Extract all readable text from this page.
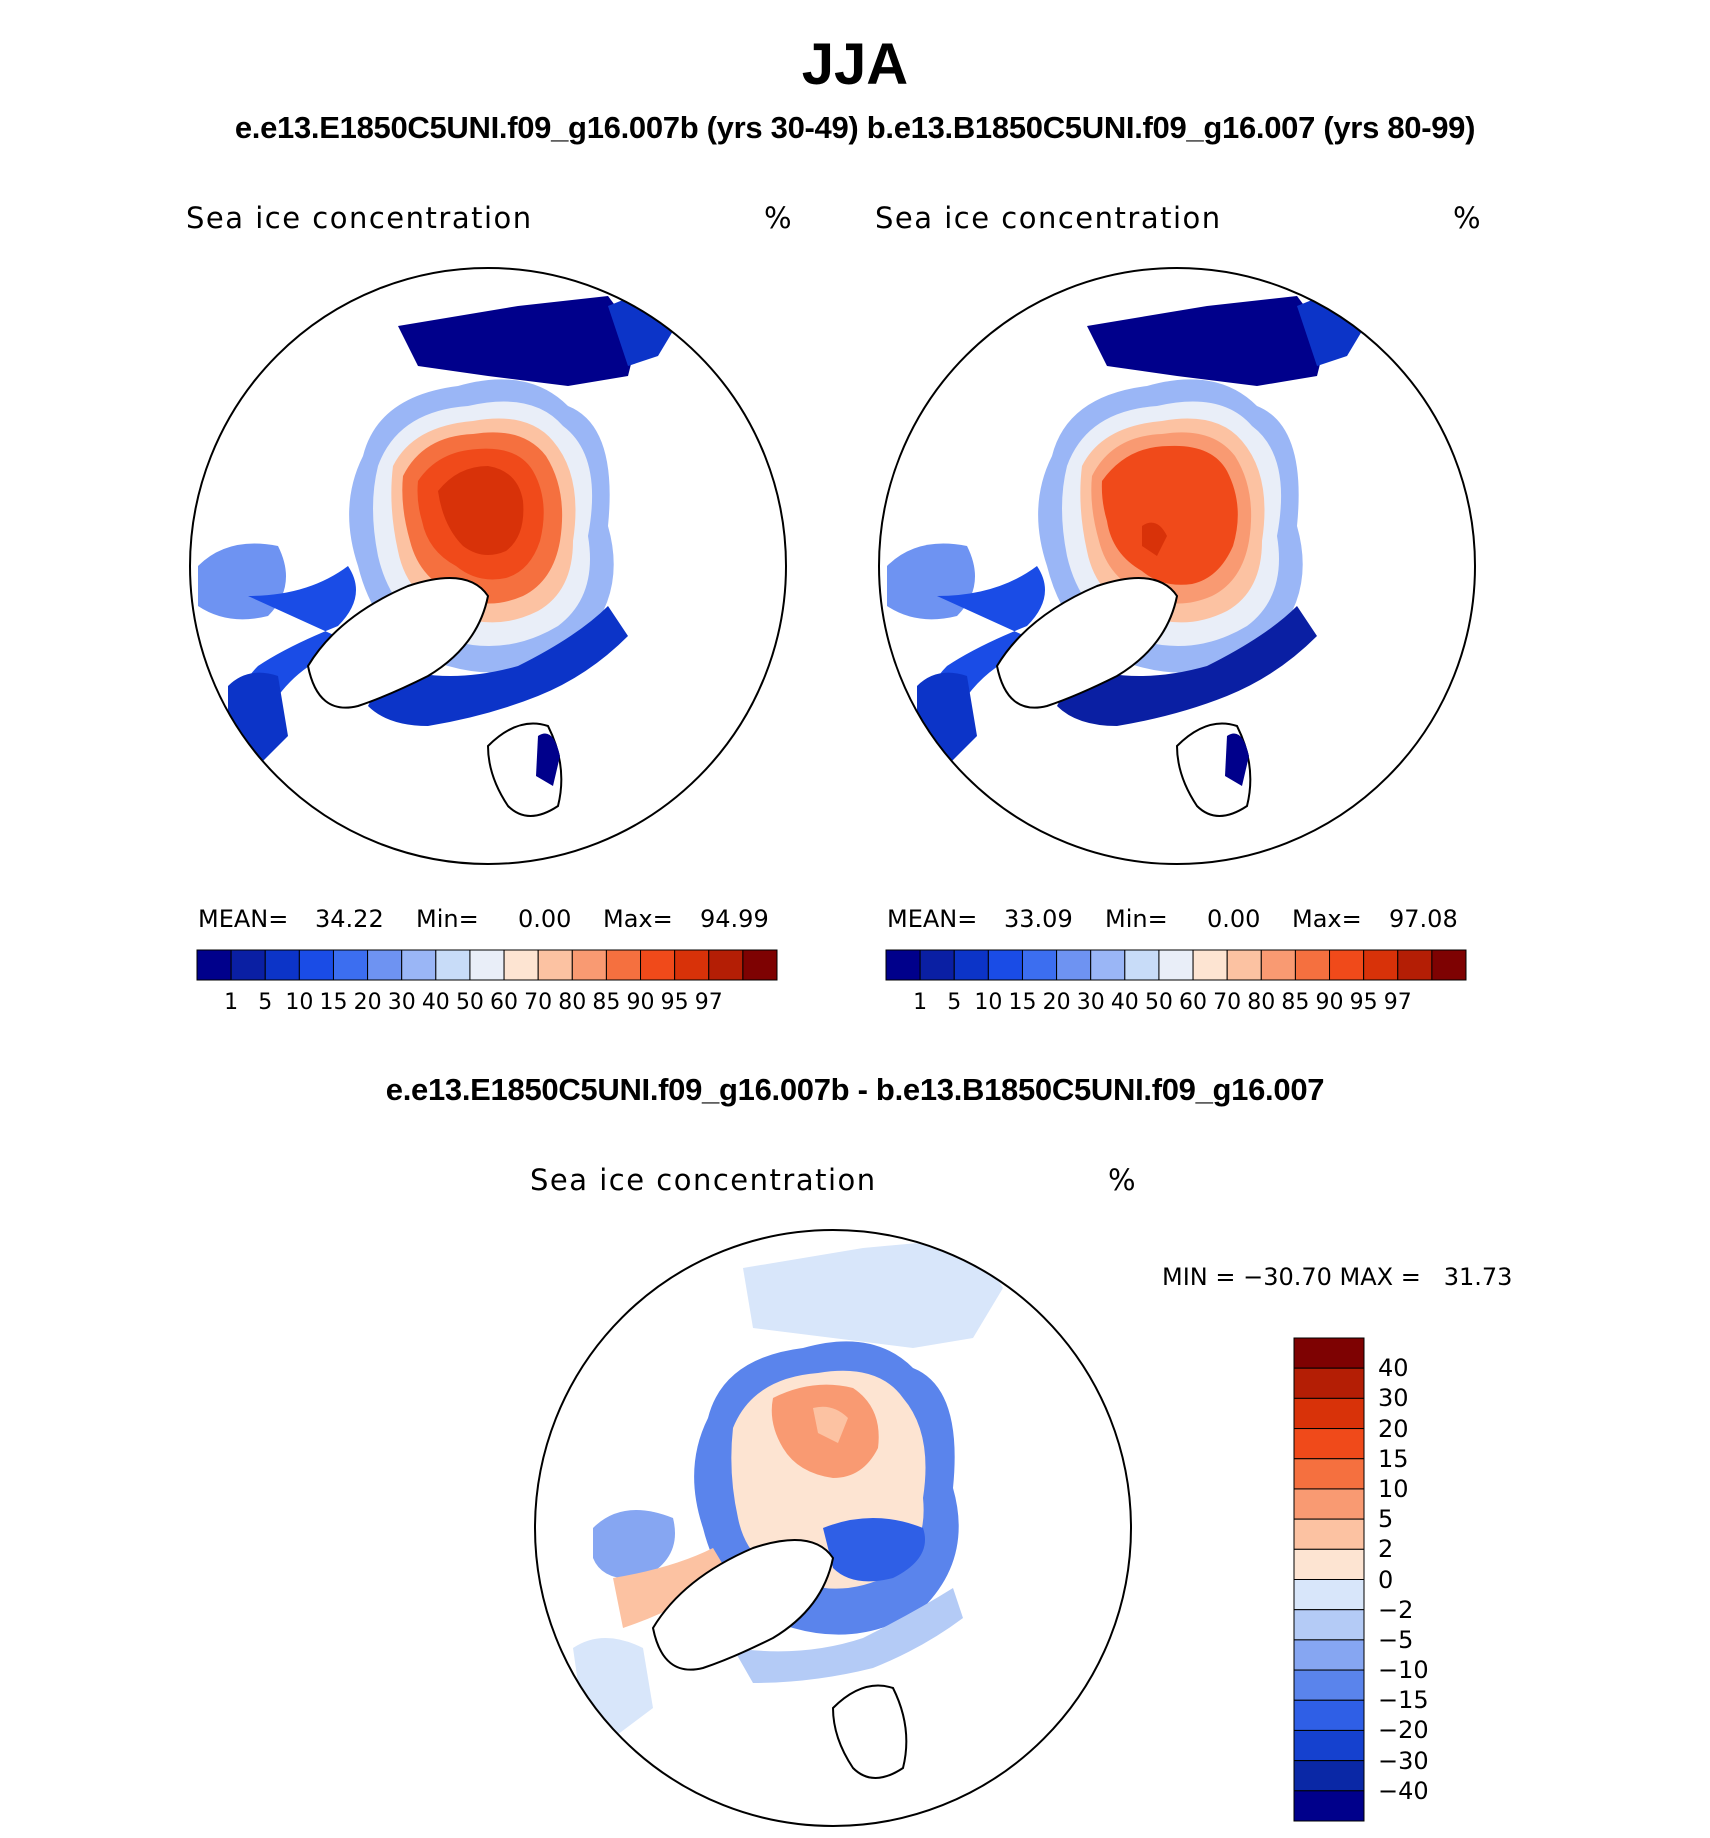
JJA
e.e13.E1850C5UNI.f09_g16.007b (yrs 30-49) b.e13.B1850C5UNI.f09_g16.007 (yrs 80-99)
e.e13.E1850C5UNI.f09_g16.007b - b.e13.B1850C5UNI.f09_g16.007
Sea ice concentration	%	Sea ice concentration	%
Sea ice concentration	%
MEAN= 34.22 Min= 0.00 Max= 94.99	MEAN= 33.09 Min= 0.00 Max= 97.08
MIN = −30.70 MAX =   31.73
1 5 10 15 20 30 40 50 60 70 80 85 90 95 97	1 5 10 15 20 30 40 50 60 70 80 85 90 95 97
40
30
20
15
10
5
2
0
−2
−5
−10
−15
−20
−30
−40
